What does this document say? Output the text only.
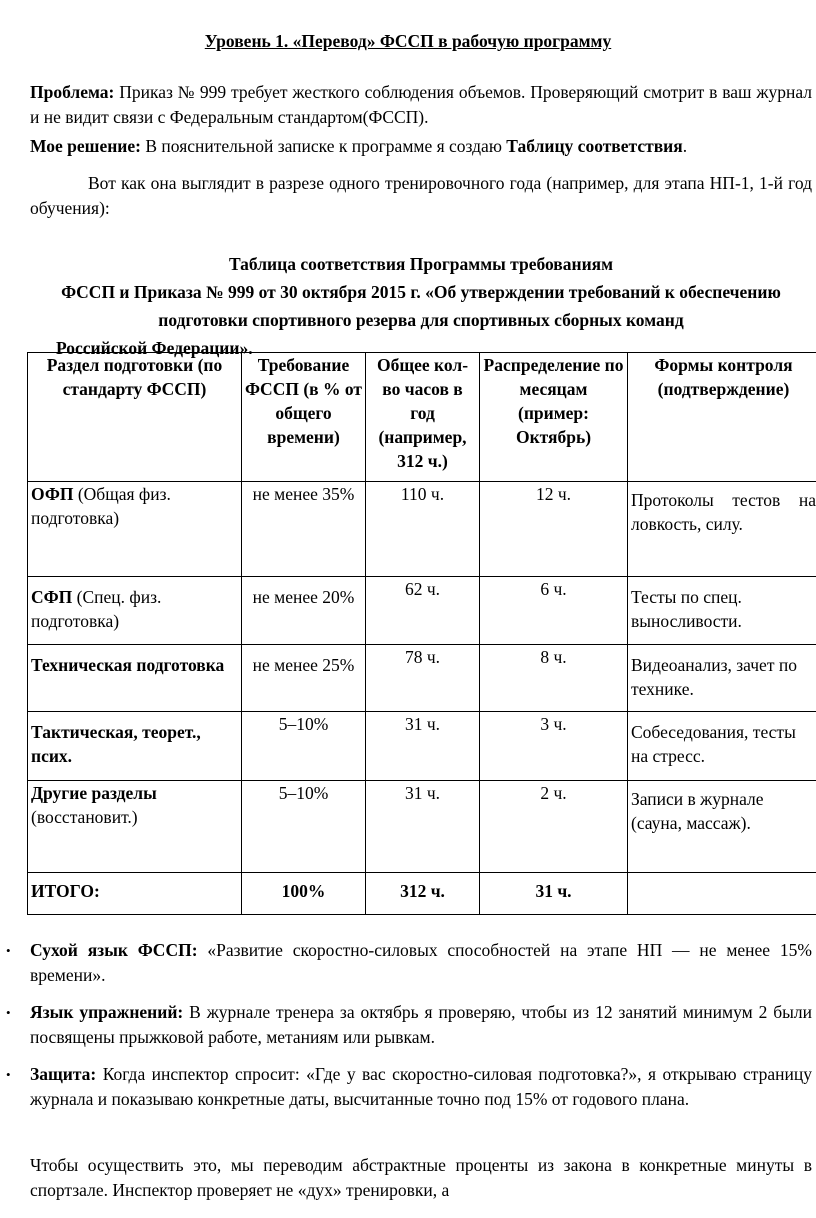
Уровень 1. «Перевод» ФССП в рабочую программу

Проблема: Приказ № 999 требует жесткого соблюдения объемов. Проверяющий смотрит в ваш журнал и не видит связи с Федеральным стандартом(ФССП).

Мое решение: В пояснительной записке к программе я создаю Таблицу соответствия.

Вот как она выглядит в разрезе одного тренировочного года (например, для этапа НП-1, 1-й год обучения):

Таблица соответствия Программы требованиям
ФССП и Приказа № 999 от 30 октября 2015 г. «Об утверждении требований к обеспечению подготовки спортивного резерва для спортивных сборных команд
Российской Федерации».
Раздел подготовки (по стандарту ФССП)	Требование ФССП (в % от общего времени)	Общее кол-во часов в год (например, 312 ч.)	Распределение по месяцам (пример: Октябрь)	Формы контроля (подтверждение)
ОФП (Общая физ. подготовка)	не менее 35%	110 ч.	12 ч.	Протоколы тестов на ловкость, силу.
СФП (Спец. физ. подготовка)	не менее 20%	62 ч.	6 ч.	Тесты по спец. выносливости.
Техническая подготовка	не менее 25%	78 ч.	8 ч.	Видеоанализ, зачет по технике.
Тактическая, теорет., псих.	5–10%	31 ч.	3 ч.	Собеседования, тесты на стресс.
Другие разделы (восстановит.)	5–10%	31 ч.	2 ч.	Записи в журнале (сауна, массаж).
ИТОГО:	100%	312 ч.	31 ч.	
• Сухой язык ФССП: «Развитие скоростно-силовых способностей на этапе НП — не менее 15% времени».
• Язык упражнений: В журнале тренера за октябрь я проверяю, чтобы из 12 занятий минимум 2 были посвящены прыжковой работе, метаниям или рывкам.
• Защита: Когда инспектор спросит: «Где у вас скоростно-силовая подготовка?», я открываю страницу журнала и показываю конкретные даты, высчитанные точно под 15% от годового плана.

Чтобы осуществить это, мы переводим абстрактные проценты из закона в конкретные минуты в спортзале. Инспектор проверяет не «дух» тренировки, а
